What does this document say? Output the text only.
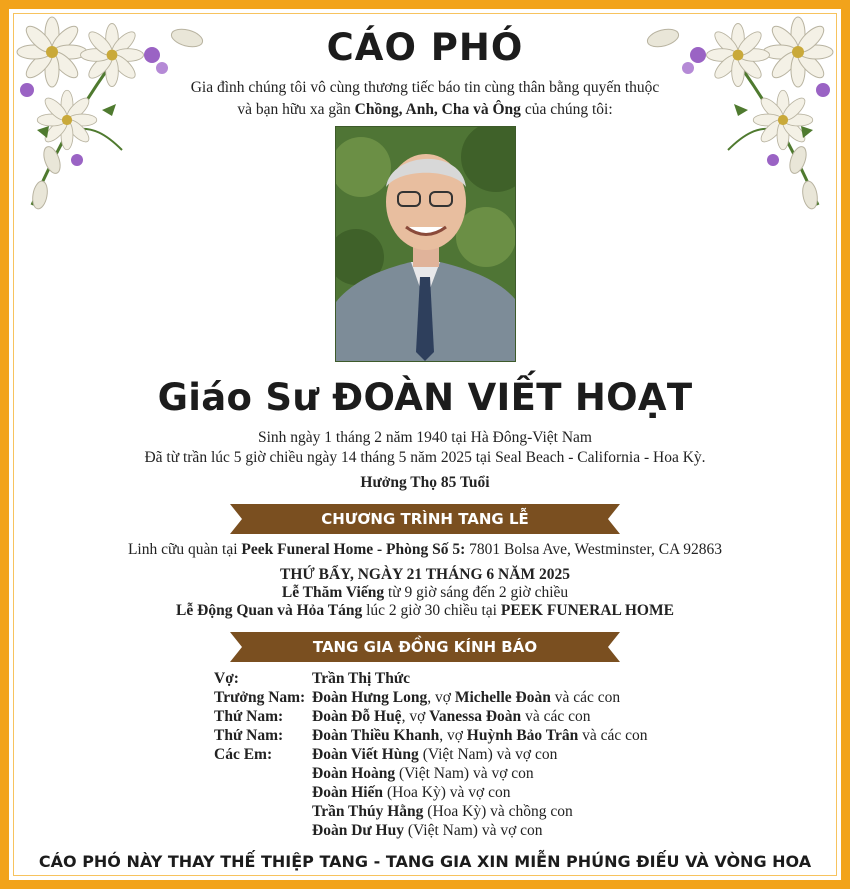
CÁO PHÓ
Gia đình chúng tôi vô cùng thương tiếc báo tin cùng thân bằng quyến thuộc
và bạn hữu xa gần Chồng, Anh, Cha và Ông của chúng tôi:
Giáo Sư ĐOÀN VIẾT HOẠT
Sinh ngày 1 tháng 2 năm 1940 tại Hà Đông-Việt Nam
Đã từ trần lúc 5 giờ chiều ngày 14 tháng 5 năm 2025 tại Seal Beach - California - Hoa Kỳ.
Hưởng Thọ 85 Tuổi
CHƯƠNG TRÌNH TANG LỄ
Linh cữu quàn tại Peek Funeral Home - Phòng Số 5: 7801 Bolsa Ave, Westminster, CA 92863
THỨ BẨY, NGÀY 21 THÁNG 6 NĂM 2025
Lễ Thăm Viếng từ 9 giờ sáng đến 2 giờ chiều
Lễ Động Quan và Hỏa Táng lúc 2 giờ 30 chiều tại PEEK FUNERAL HOME
TANG GIA ĐỒNG KÍNH BÁO
Vợ:	Trần Thị Thức
Trưởng Nam: Đoàn Hưng Long, vợ Michelle Đoàn và các con
Thứ Nam: Đoàn Đỗ Huệ, vợ Vanessa Đoàn và các con
Thứ Nam: Đoàn Thiều Khanh, vợ Huỳnh Bảo Trân và các con
Các Em:	Đoàn Viết Hùng (Việt Nam) và vợ con
Đoàn Hoàng (Việt Nam) và vợ con
Đoàn Hiến (Hoa Kỳ) và vợ con
Trần Thúy Hằng (Hoa Kỳ) và chồng con
Đoàn Dư Huy (Việt Nam) và vợ con
CÁO PHÓ NÀY THAY THẾ THIỆP TANG - TANG GIA XIN MIỄN PHÚNG ĐIẾU VÀ VÒNG HOA
